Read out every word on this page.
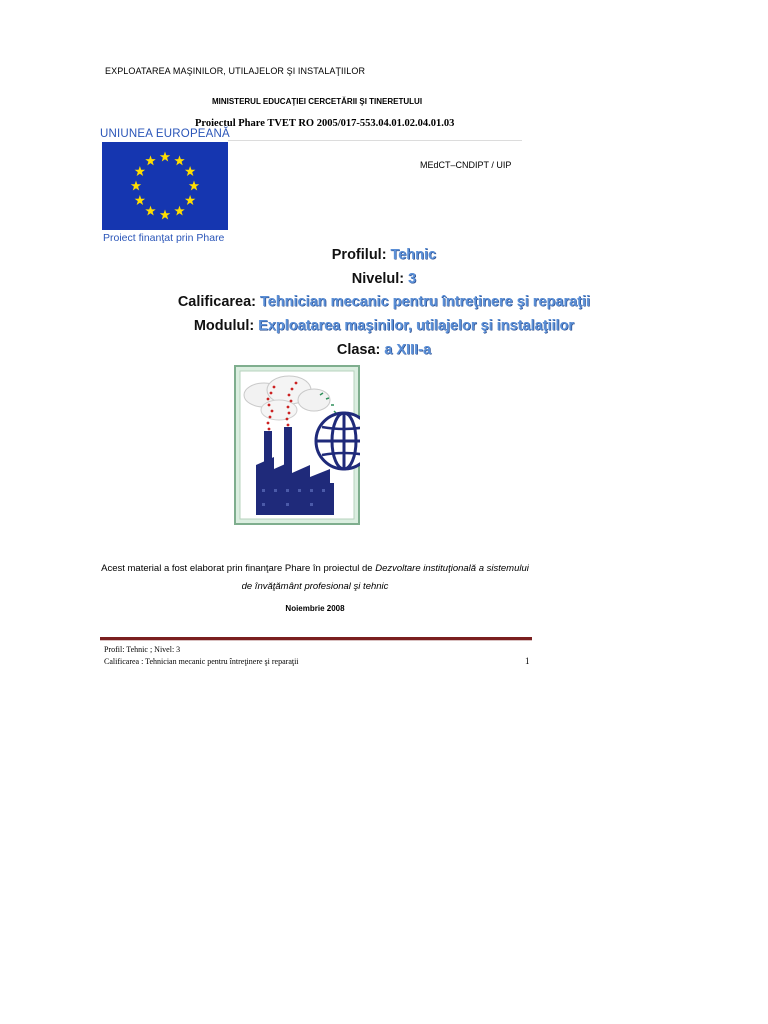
EXPLOATAREA MAŞINILOR, UTILAJELOR ŞI INSTALAŢIILOR
MINISTERUL EDUCAŢIEI CERCETĂRII ŞI TINERETULUI
Proiectul Phare TVET RO 2005/017-553.04.01.02.04.01.03
UNIUNEA EUROPEANĂ
Proiect finanţat prin Phare
MEdCT–CNDIPT / UIP
Profilul: Tehnic
Nivelul: 3
Calificarea: Tehnician mecanic pentru întreţinere şi reparaţii
Modulul: Exploatarea maşinilor, utilajelor şi instalaţiilor
Clasa: a XIII-a
Acest material a fost elaborat prin finanţare Phare în proiectul de Dezvoltare instituţională a sistemului de învăţământ profesional şi tehnic
Noiembrie 2008
Profil: Tehnic ; Nivel: 3
Calificarea : Tehnician mecanic pentru întreţinere şi reparaţii	1
